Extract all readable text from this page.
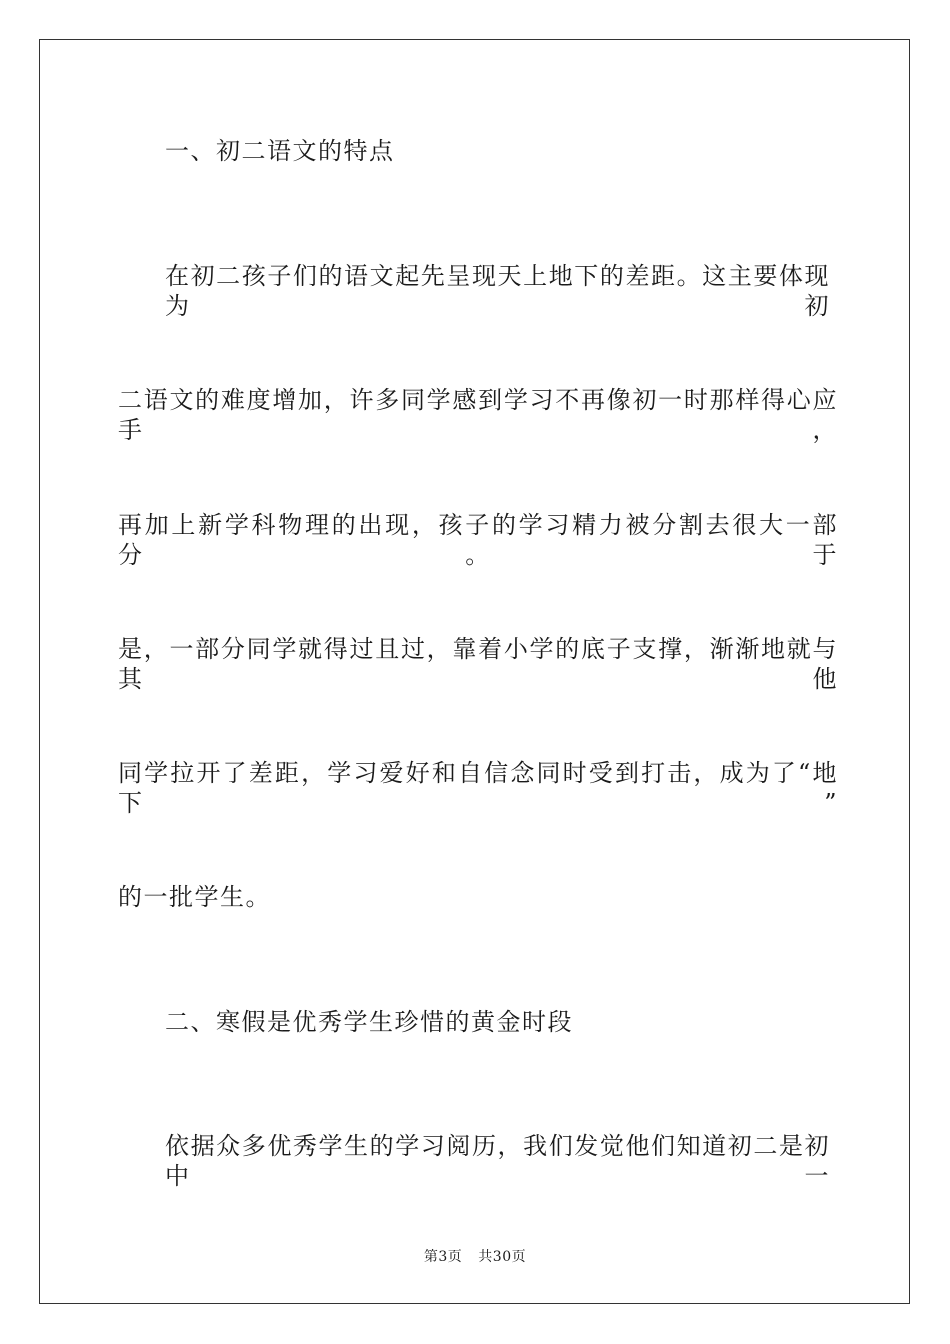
一、初二语文的特点
在初二孩子们的语文起先呈现天上地下的差距。这主要体现为初
二语文的难度增加，许多同学感到学习不再像初一时那样得心应手，
再加上新学科物理的出现，孩子的学习精力被分割去很大一部分。于
是，一部分同学就得过且过，靠着小学的底子支撑，渐渐地就与其他
同学拉开了差距，学习爱好和自信念同时受到打击，成为了“地下”
的一批学生。
二、寒假是优秀学生珍惜的黄金时段
依据众多优秀学生的学习阅历，我们发觉他们知道初二是初中一
第3页 共30页
